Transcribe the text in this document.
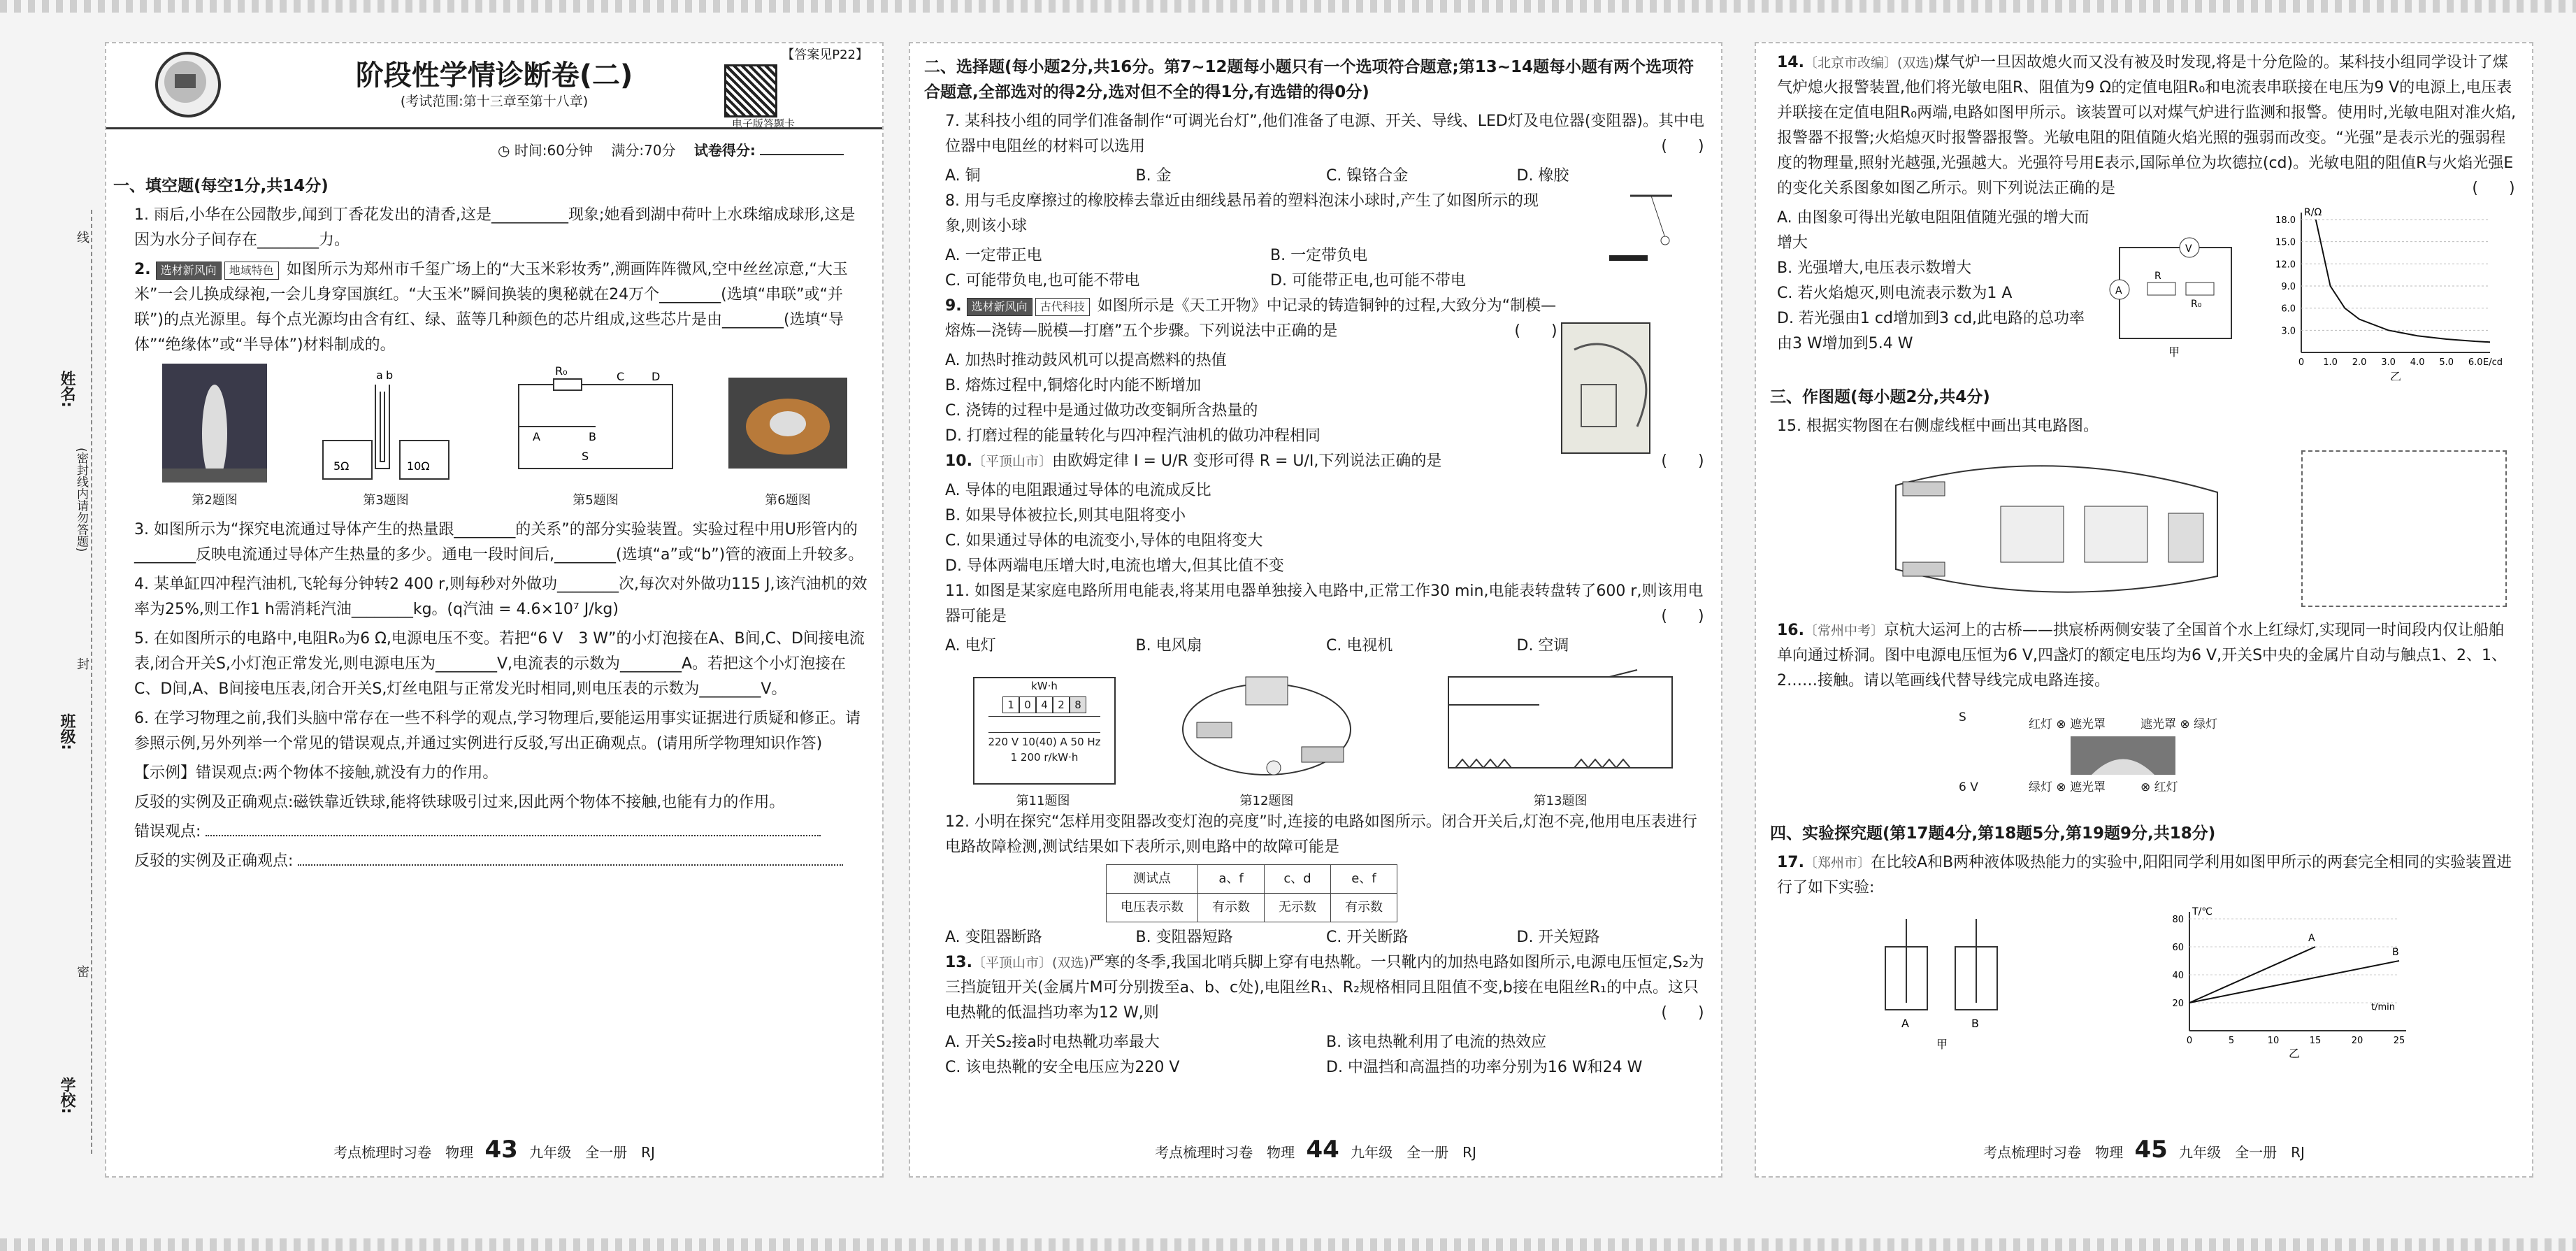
姓名:
班级:
学校:
线
(密封线内请勿答题)
封
密
【答案见P22】
阶段性学情诊断卷(二)
(考试范围:第十三章至第十八章)
电子版答题卡
◷ 时间:60分钟　 满分:70分　 试卷得分:
一、填空题(每空1分,共14分)
1. 雨后,小华在公园散步,闻到丁香花发出的清香,这是__________现象;她看到湖中荷叶上水珠缩成球形,这是因为水分子间存在________力。
2. 选材新风向 地域特色 如图所示为郑州市千玺广场上的“大玉米彩妆秀”,溯画阵阵微风,空中丝丝凉意,“大玉米”一会儿换成绿袍,一会儿身穿国旗红。“大玉米”瞬间换装的奥秘就在24万个________(选填“串联”或“并联”)的点光源里。每个点光源均由含有红、绿、蓝等几种颜色的芯片组成,这些芯片是由________(选填“导体”“绝缘体”或“半导体”)材料制成的。
第2题图
a b
5Ω	10Ω
第3题图
R₀
A	B
C D
S
第5题图	第6题图
3. 如图所示为“探究电流通过导体产生的热量跟________的关系”的部分实验装置。实验过程中用U形管内的________反映电流通过导体产生热量的多少。通电一段时间后,________(选填“a”或“b”)管的液面上升较多。
4. 某单缸四冲程汽油机,飞轮每分钟转2 400 r,则每秒对外做功________次,每次对外做功115 J,该汽油机的效率为25%,则工作1 h需消耗汽油________kg。(q汽油 = 4.6×10⁷ J/kg)
5. 在如图所示的电路中,电阻R₀为6 Ω,电源电压不变。若把“6 V　3 W”的小灯泡接在A、B间,C、D间接电流表,闭合开关S,小灯泡正常发光,则电源电压为________V,电流表的示数为________A。若把这个小灯泡接在C、D间,A、B间接电压表,闭合开关S,灯丝电阻与正常发光时相同,则电压表的示数为________V。
6. 在学习物理之前,我们头脑中常存在一些不科学的观点,学习物理后,要能运用事实证据进行质疑和修正。请参照示例,另外列举一个常见的错误观点,并通过实例进行反驳,写出正确观点。(请用所学物理知识作答)
【示例】错误观点:两个物体不接触,就没有力的作用。
反驳的实例及正确观点:磁铁靠近铁球,能将铁球吸引过来,因此两个物体不接触,也能有力的作用。
错误观点:
反驳的实例及正确观点:
考点梳理时习卷　物理 43 九年级　全一册　RJ
二、选择题(每小题2分,共16分。第7~12题每小题只有一个选项符合题意;第13~14题每小题有两个选项符合题意,全部选对的得2分,选对但不全的得1分,有选错的得0分)
7. 某科技小组的同学们准备制作“可调光台灯”,他们准备了电源、开关、导线、LED灯及电位器(变阻器)。其中电位器中电阻丝的材料可以选用	(　　)
A. 铜	B. 金	C. 镍铬合金	D. 橡胶
8. 用与毛皮摩擦过的橡胶棒去靠近由细线悬吊着的塑料泡沫小球时,产生了如图所示的现象,则该小球
A. 一定带正电	B. 一定带负电
C. 可能带负电,也可能不带电	D. 可能带正电,也可能不带电
9. 选材新风向 古代科技 如图所示是《天工开物》中记录的铸造铜钟的过程,大致分为“制模—熔炼—浇铸—脱模—打磨”五个步骤。下列说法中正确的是	(　　)
A. 加热时推动鼓风机可以提高燃料的热值
B. 熔炼过程中,铜熔化时内能不断增加
C. 浇铸的过程中是通过做功改变铜所含热量的
D. 打磨过程的能量转化与四冲程汽油机的做功冲程相同
10.〔平顶山市〕由欧姆定律 I = U/R 变形可得 R = U/I,下列说法正确的是	(　　)
A. 导体的电阻跟通过导体的电流成反比
B. 如果导体被拉长,则其电阻将变小
C. 如果通过导体的电流变小,导体的电阻将变大
D. 导体两端电压增大时,电流也增大,但其比值不变
11. 如图是某家庭电路所用电能表,将某用电器单独接入电路中,正常工作30 min,电能表转盘转了600 r,则该用电器可能是	(　　)
A. 电灯	B. 电风扇	C. 电视机	D. 空调
kW·h
1 0 4 2 8
220 V 10(40) A 50 Hz
1 200 r/kW·h
第11题图	第12题图	第13题图
12. 小明在探究“怎样用变阻器改变灯泡的亮度”时,连接的电路如图所示。闭合开关后,灯泡不亮,他用电压表进行电路故障检测,测试结果如下表所示,则电路中的故障可能是
测试点	a、f	c、d	e、f
电压表示数	有示数	无示数	有示数
A. 变阻器断路	B. 变阻器短路	C. 开关断路	D. 开关短路
13.〔平顶山市〕(双选)严寒的冬季,我国北哨兵脚上穿有电热靴。一只靴内的加热电路如图所示,电源电压恒定,S₂为三挡旋钮开关(金属片M可分别拨至a、b、c处),电阻丝R₁、R₂规格相同且阻值不变,b接在电阻丝R₁的中点。这只电热靴的低温挡功率为12 W,则	(　　)
A. 开关S₂接a时电热靴功率最大	B. 该电热靴利用了电流的热效应
C. 该电热靴的安全电压应为220 V	D. 中温挡和高温挡的功率分别为16 W和24 W
考点梳理时习卷　物理 44 九年级　全一册　RJ
14.〔北京市改编〕(双选)煤气炉一旦因故熄火而又没有被及时发现,将是十分危险的。某科技小组同学设计了煤气炉熄火报警装置,他们将光敏电阻R、阻值为9 Ω的定值电阻R₀和电流表串联接在电压为9 V的电源上,电压表并联接在定值电阻R₀两端,电路如图甲所示。该装置可以对煤气炉进行监测和报警。使用时,光敏电阻对准火焰,报警器不报警;火焰熄灭时报警器报警。光敏电阻的阻值随火焰光照的强弱而改变。“光强”是表示光的强弱程度的物理量,照射光越强,光强越大。光强符号用E表示,国际单位为坎德拉(cd)。光敏电阻的阻值R与火焰光强E的变化关系图象如图乙所示。则下列说法正确的是	(　　)
A. 由图象可得出光敏电阻阻值随光强的增大而增大
B. 光强增大,电压表示数增大
C. 若火焰熄灭,则电流表示数为1 A
D. 若光强由1 cd增加到3 cd,此电路的总功率由3 W增加到5.4 W
A
V
R₀
R
甲
18.0
15.0
12.0
9.0
6.0
3.0
0 1.0 2.0 3.0 4.0 5.0 6.0
R/Ω
E/cd
乙
三、作图题(每小题2分,共4分)
15. 根据实物图在右侧虚线框中画出其电路图。
16.〔常州中考〕京杭大运河上的古桥——拱宸桥两侧安装了全国首个水上红绿灯,实现同一时间段内仅让船舶单向通过桥洞。图中电源电压恒为6 V,四盏灯的额定电压均为6 V,开关S中央的金属片自动与触点1、2、1、2……接触。请以笔画线代替导线完成电路连接。
S
6 V
红灯 ⊗ 遮光罩	遮光罩 ⊗ 绿灯
绿灯 ⊗ 遮光罩	⊗ 红灯
四、实验探究题(第17题4分,第18题5分,第19题9分,共18分)
17.〔郑州市〕在比较A和B两种液体吸热能力的实验中,阳阳同学利用如图甲所示的两套完全相同的实验装置进行了如下实验:
A	B
甲
80
60
40
20
0	5	10	15	20	25
T/℃
t/min
乙
A
B
考点梳理时习卷　物理 45 九年级　全一册　RJ
